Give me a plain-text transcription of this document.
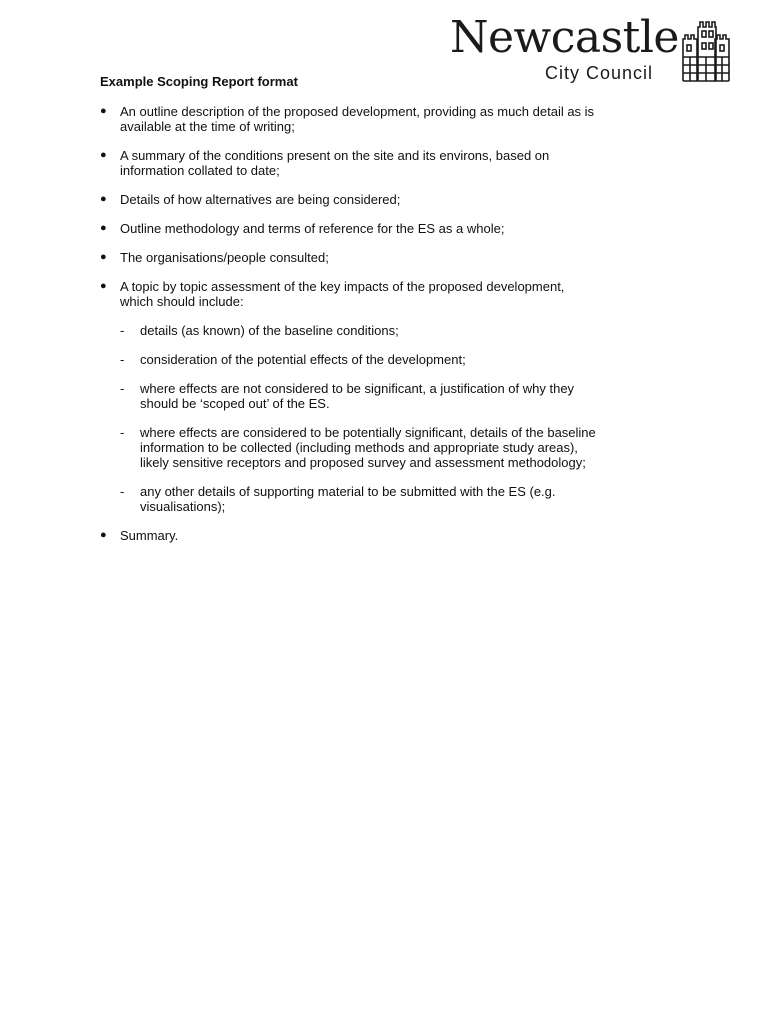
Newcastle
City Council
Example Scoping Report format
●	An outline description of the proposed development, providing as much detail as is available at the time of writing;
●	A summary of the conditions present on the site and its environs, based on information collated to date;
●	Details of how alternatives are being considered;
●	Outline methodology and terms of reference for the ES as a whole;
●	The organisations/people consulted;
●	A topic by topic assessment of the key impacts of the proposed development, which should include:
-	details (as known) of the baseline conditions;
-	consideration of the potential effects of the development;
-	where effects are not considered to be significant, a justification of why they should be ‘scoped out’ of the ES.
-	where effects are considered to be potentially significant, details of the baseline information to be collected (including methods and appropriate study areas), likely sensitive receptors and proposed survey and assessment methodology;
-	any other details of supporting material to be submitted with the ES (e.g. visualisations);
●	Summary.
